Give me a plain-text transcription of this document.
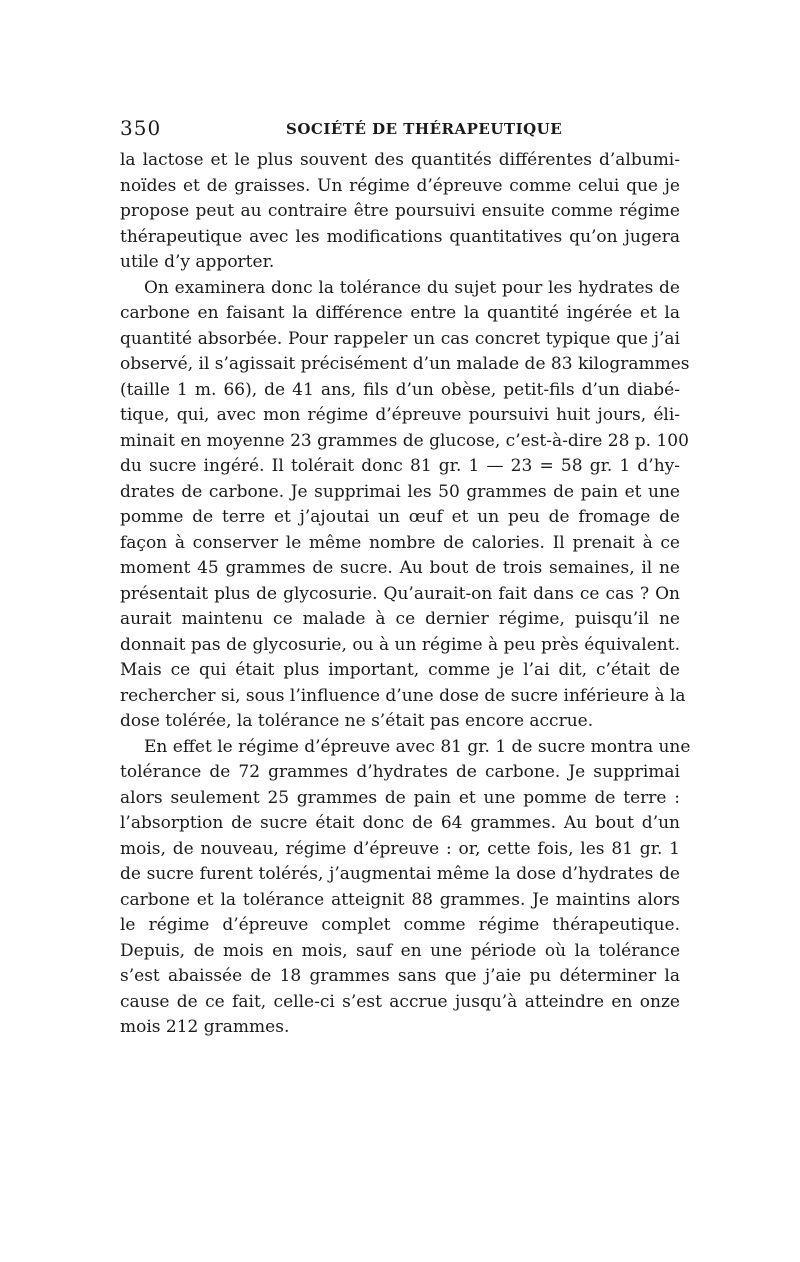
350	SOCIÉTÉ DE THÉRAPEUTIQUE
la lactose et le plus souvent des quantités différentes d’albumi-
noïdes et de graisses. Un régime d’épreuve comme celui que je
propose peut au contraire être poursuivi ensuite comme régime
thérapeutique avec les modifications quantitatives qu’on jugera
utile d’y apporter.
On examinera donc la tolérance du sujet pour les hydrates de
carbone en faisant la différence entre la quantité ingérée et la
quantité absorbée. Pour rappeler un cas concret typique que j’ai
observé, il s’agissait précisément d’un malade de 83 kilogrammes
(taille 1 m. 66), de 41 ans, fils d’un obèse, petit-fils d’un diabé-
tique, qui, avec mon régime d’épreuve poursuivi huit jours, éli-
minait en moyenne 23 grammes de glucose, c’est-à-dire 28 p. 100
du sucre ingéré. Il tolérait donc 81 gr. 1 — 23 = 58 gr. 1 d’hy-
drates de carbone. Je supprimai les 50 grammes de pain et une
pomme de terre et j’ajoutai un œuf et un peu de fromage de
façon à conserver le même nombre de calories. Il prenait à ce
moment 45 grammes de sucre. Au bout de trois semaines, il ne
présentait plus de glycosurie. Qu’aurait-on fait dans ce cas ? On
aurait maintenu ce malade à ce dernier régime, puisqu’il ne
donnait pas de glycosurie, ou à un régime à peu près équivalent.
Mais ce qui était plus important, comme je l’ai dit, c’était de
rechercher si, sous l’influence d’une dose de sucre inférieure à la
dose tolérée, la tolérance ne s’était pas encore accrue.
En effet le régime d’épreuve avec 81 gr. 1 de sucre montra une
tolérance de 72 grammes d’hydrates de carbone. Je supprimai
alors seulement 25 grammes de pain et une pomme de terre :
l’absorption de sucre était donc de 64 grammes. Au bout d’un
mois, de nouveau, régime d’épreuve : or, cette fois, les 81 gr. 1
de sucre furent tolérés, j’augmentai même la dose d’hydrates de
carbone et la tolérance atteignit 88 grammes. Je maintins alors
le régime d’épreuve complet comme régime thérapeutique.
Depuis, de mois en mois, sauf en une période où la tolérance
s’est abaissée de 18 grammes sans que j’aie pu déterminer la
cause de ce fait, celle-ci s’est accrue jusqu’à atteindre en onze
mois 212 grammes.
